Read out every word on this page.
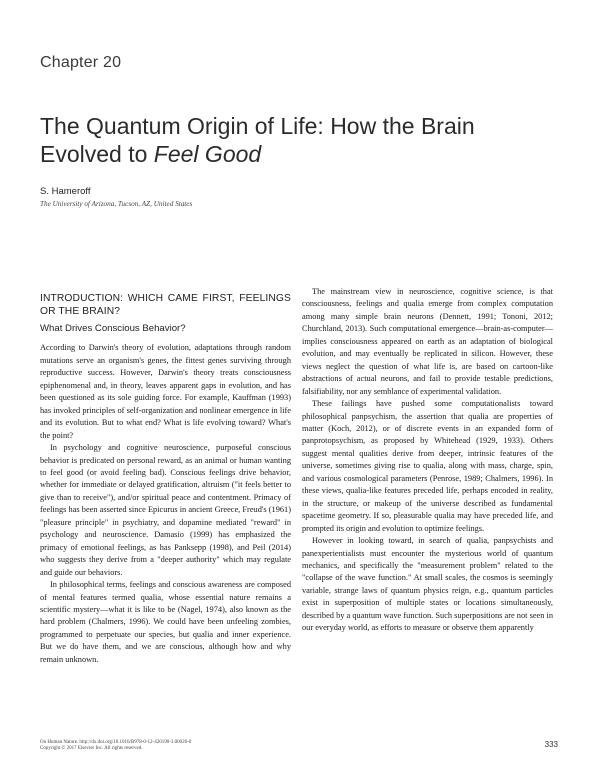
Chapter 20
The Quantum Origin of Life: How the Brain Evolved to Feel Good
S. Hameroff
The University of Arizona, Tucson, AZ, United States
INTRODUCTION: WHICH CAME FIRST, FEELINGS OR THE BRAIN?
What Drives Conscious Behavior?

According to Darwin's theory of evolution, adaptations through random mutations serve an organism's genes, the fittest genes surviving through reproductive success. However, Darwin's theory treats consciousness epiphenomenal and, in theory, leaves apparent gaps in evolution, and has been questioned as its sole guiding force. For example, Kauffman (1993) has invoked principles of self-organization and nonlinear emergence in life and its evolution. But to what end? What is life evolving toward? What's the point?

In psychology and cognitive neuroscience, purposeful conscious behavior is predicated on personal reward, as an animal or human wanting to feel good (or avoid feeling bad). Conscious feelings drive behavior, whether for immediate or delayed gratification, altruism ("it feels better to give than to receive"), and/or spiritual peace and contentment. Primacy of feelings has been asserted since Epicurus in ancient Greece, Freud's (1961) "pleasure principle" in psychiatry, and dopamine mediated "reward" in psychology and neuroscience. Damasio (1999) has emphasized the primacy of emotional feelings, as has Panksepp (1998), and Peil (2014) who suggests they derive from a "deeper authority" which may regulate and guide our behaviors.

In philosophical terms, feelings and conscious awareness are composed of mental features termed qualia, whose essential nature remains a scientific mystery—what it is like to be (Nagel, 1974), also known as the hard problem (Chalmers, 1996). We could have been unfeeling zombies, programmed to perpetuate our species, but qualia and inner experience. But we do have them, and we are conscious, although how and why remain unknown.

The mainstream view in neuroscience, cognitive science, is that consciousness, feelings and qualia emerge from complex computation among many simple brain neurons (Dennett, 1991; Tononi, 2012; Churchland, 2013). Such computational emergence—brain-as-computer—implies consciousness appeared on earth as an adaptation of biological evolution, and may eventually be replicated in silicon. However, these views neglect the question of what life is, are based on cartoon-like abstractions of actual neurons, and fail to provide testable predictions, falsifiability, nor any semblance of experimental validation.

These failings have pushed some computationalists toward philosophical panpsychism, the assertion that qualia are properties of matter (Koch, 2012), or of discrete events in an expanded form of panprotopsychism, as proposed by Whitehead (1929, 1933). Others suggest mental qualities derive from deeper, intrinsic features of the universe, sometimes giving rise to qualia, along with mass, charge, spin, and various cosmological parameters (Penrose, 1989; Chalmers, 1996). In these views, qualia-like features preceded life, perhaps encoded in reality, in the structure, or makeup of the universe described as fundamental spacetime geometry. If so, pleasurable qualia may have preceded life, and prompted its origin and evolution to optimize feelings.

However in looking toward, in search of qualia, panpsychists and panexperientialists must encounter the mysterious world of quantum mechanics, and specifically the "measurement problem" related to the "collapse of the wave function." At small scales, the cosmos is seemingly variable, strange laws of quantum physics reign, e.g., quantum particles exist in superposition of multiple states or locations simultaneously, described by a quantum wave function. Such superpositions are not seen in our everyday world, as efforts to measure or observe them apparently

On Human Nature. http://dx.doi.org/10.1016/B978-0-12-420190-3.00020-0
Copyright © 2017 Elsevier Inc. All rights reserved.	333
